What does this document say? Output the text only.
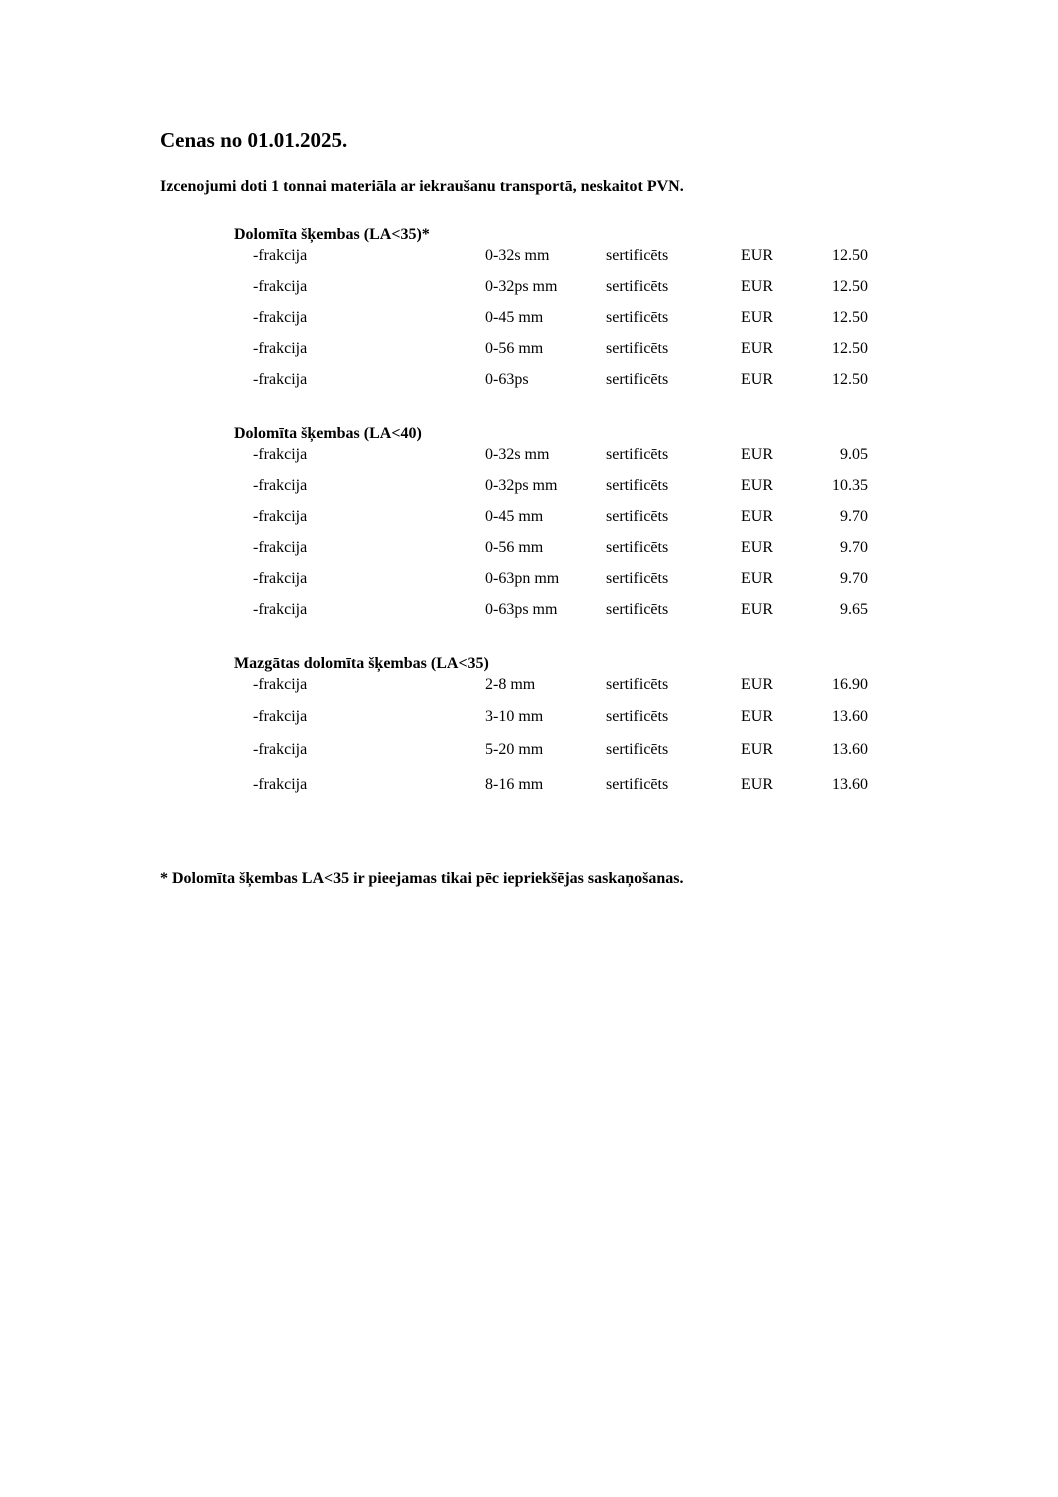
Cenas no 01.01.2025.
Izcenojumi doti 1 tonnai materiāla ar iekraušanu transportā, neskaitot PVN.
Dolomīta šķembas (LA<35)*
-frakcija	0-32s mm	sertificēts	EUR	12.50
-frakcija	0-32ps mm	sertificēts	EUR	12.50
-frakcija	0-45 mm	sertificēts	EUR	12.50
-frakcija	0-56 mm	sertificēts	EUR	12.50
-frakcija	0-63ps	sertificēts	EUR	12.50
Dolomīta šķembas (LA<40)
-frakcija	0-32s mm	sertificēts	EUR	9.05
-frakcija	0-32ps mm	sertificēts	EUR	10.35
-frakcija	0-45 mm	sertificēts	EUR	9.70
-frakcija	0-56 mm	sertificēts	EUR	9.70
-frakcija	0-63pn mm	sertificēts	EUR	9.70
-frakcija	0-63ps mm	sertificēts	EUR	9.65
Mazgātas dolomīta šķembas (LA<35)
-frakcija	2-8 mm	sertificēts	EUR	16.90
-frakcija	3-10 mm	sertificēts	EUR	13.60
-frakcija	5-20 mm	sertificēts	EUR	13.60
-frakcija	8-16 mm	sertificēts	EUR	13.60
* Dolomīta šķembas LA<35 ir pieejamas tikai pēc iepriekšējas saskaņošanas.
